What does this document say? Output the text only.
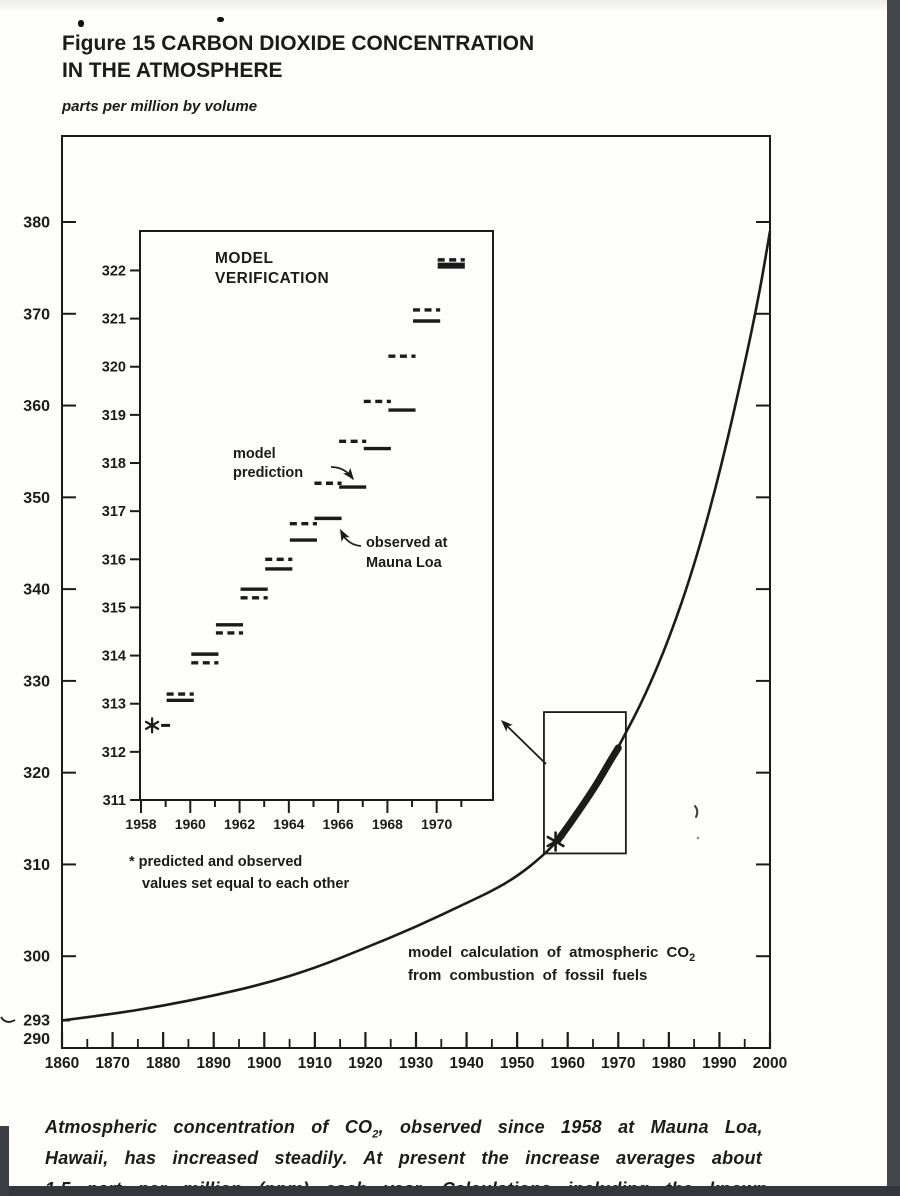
Figure 15 CARBON DIOXIDE CONCENTRATION
IN THE ATMOSPHERE
parts per million by volume
300
310
320
330
340
350
360
370
380
293
290
1860 1870 1880 1890 1900 1910 1920 1930 1940 1950 1960 1970 1980 1990 2000
MODEL
VERIFICATION
311
312
313
314
315
316
317
318
319
320
321
322
1958 1960 1962 1964 1966 1968 1970
model
prediction
observed at
Mauna Loa
* predicted and observed
values set equal to each other
model calculation of atmospheric $CO_2$
from combustion of fossil fuels
Atmospheric concentration of $CO_2$, observed since 1958 at Mauna Loa,
Hawaii, has increased steadily. At present the increase averages about
